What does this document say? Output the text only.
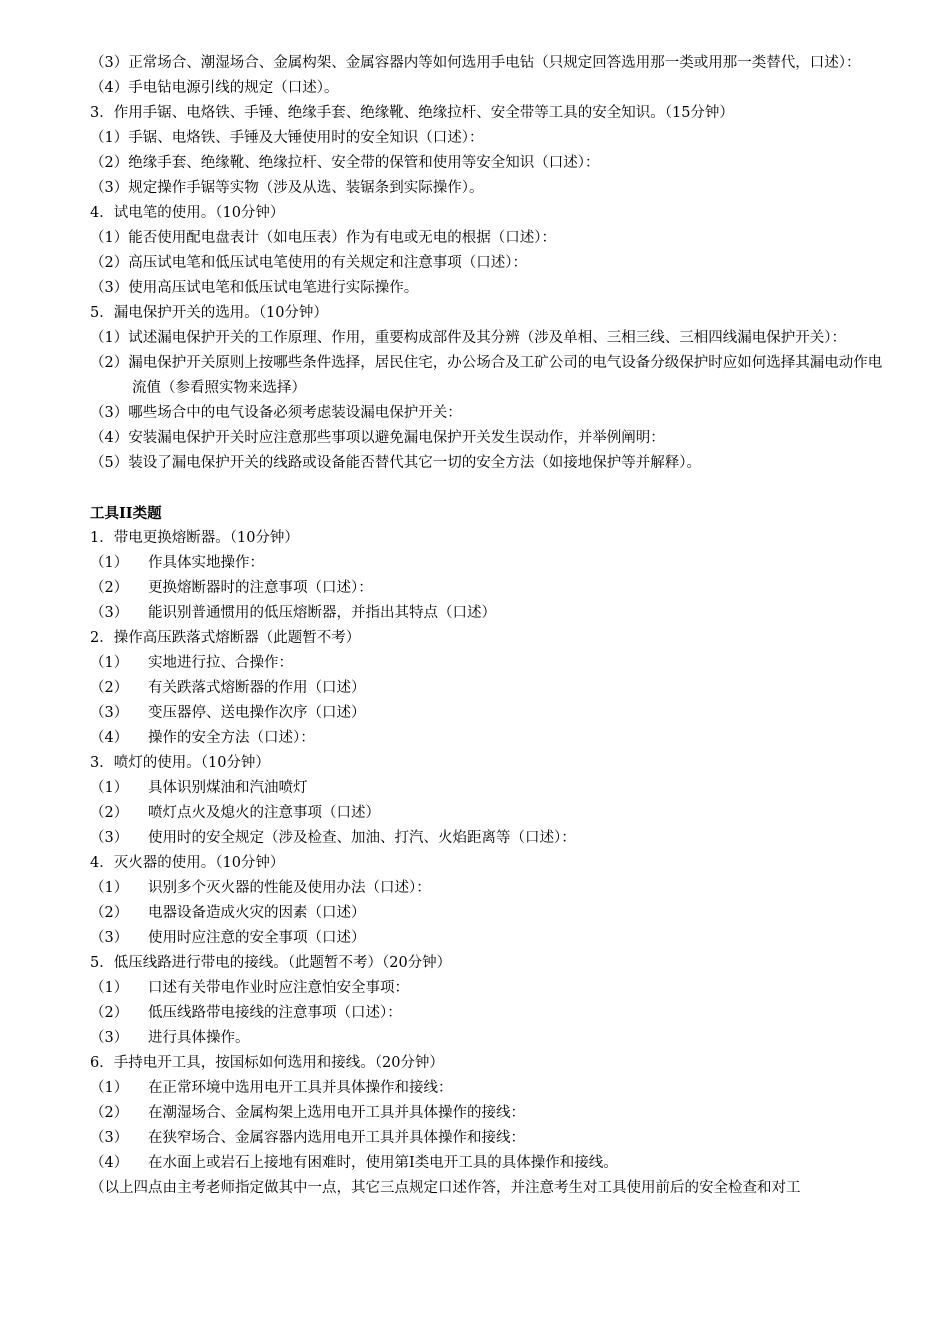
（3）正常场合、潮湿场合、金属构架、金属容器内等如何选用手电钻（只规定回答选用那一类或用那一类替代，口述）：
（4）手电钻电源引线的规定（口述）。
3．作用手锯、电烙铁、手锤、绝缘手套、绝缘靴、绝缘拉杆、安全带等工具的安全知识。（15分钟）
（1）手锯、电烙铁、手锤及大锤使用时的安全知识（口述）：
（2）绝缘手套、绝缘靴、绝缘拉杆、安全带的保管和使用等安全知识（口述）：
（3）规定操作手锯等实物（涉及从选、装锯条到实际操作）。
4．试电笔的使用。（10分钟）
（1）能否使用配电盘表计（如电压表）作为有电或无电的根据（口述）：
（2）高压试电笔和低压试电笔使用的有关规定和注意事项（口述）：
（3）使用高压试电笔和低压试电笔进行实际操作。
5．漏电保护开关的选用。（10分钟）
（1）试述漏电保护开关的工作原理、作用，重要构成部件及其分辨（涉及单相、三相三线、三相四线漏电保护开关）：
（2）漏电保护开关原则上按哪些条件选择，居民住宅，办公场合及工矿公司的电气设备分级保护时应如何选择其漏电动作电
流值（参看照实物来选择）
（3）哪些场合中的电气设备必须考虑装设漏电保护开关：
（4）安装漏电保护开关时应注意那些事项以避免漏电保护开关发生误动作，并举例阐明：
（5）装设了漏电保护开关的线路或设备能否替代其它一切的安全方法（如接地保护等并解释）。
工具II类题
1．带电更换熔断器。（10分钟）
（1） 作具体实地操作：
（2） 更换熔断器时的注意事项（口述）：
（3） 能识别普通惯用的低压熔断器，并指出其特点（口述）
2．操作高压跌落式熔断器（此题暂不考）
（1） 实地进行拉、合操作：
（2） 有关跌落式熔断器的作用（口述）
（3） 变压器停、送电操作次序（口述）
（4） 操作的安全方法（口述）：
3．喷灯的使用。（10分钟）
（1） 具体识别煤油和汽油喷灯
（2） 喷灯点火及熄火的注意事项（口述）
（3） 使用时的安全规定（涉及检查、加油、打汽、火焰距离等（口述）：
4．灭火器的使用。（10分钟）
（1） 识别多个灭火器的性能及使用办法（口述）：
（2） 电器设备造成火灾的因素（口述）
（3） 使用时应注意的安全事项（口述）
5．低压线路进行带电的接线。（此题暂不考）（20分钟）
（1） 口述有关带电作业时应注意怕安全事项：
（2） 低压线路带电接线的注意事项（口述）：
（3） 进行具体操作。
6．手持电开工具，按国标如何选用和接线。（20分钟）
（1） 在正常环境中选用电开工具并具体操作和接线：
（2） 在潮湿场合、金属构架上选用电开工具并具体操作的接线：
（3） 在狭窄场合、金属容器内选用电开工具并具体操作和接线：
（4） 在水面上或岩石上接地有困难时，使用第I类电开工具的具体操作和接线。
（以上四点由主考老师指定做其中一点，其它三点规定口述作答，并注意考生对工具使用前后的安全检查和对工
